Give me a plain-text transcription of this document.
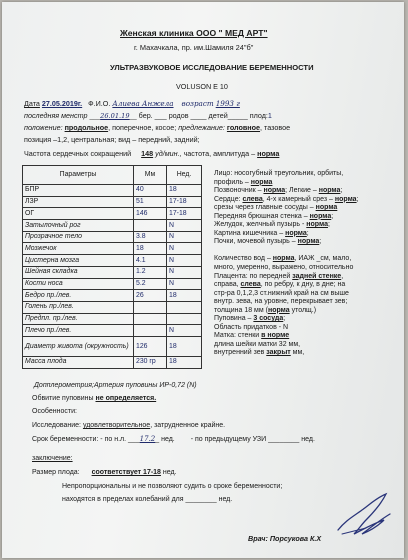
Женская клиника ООО " МЕД АРТ"
г. Махачкала, пр. им.Шамиля 24"б"
УЛЬТРАЗВУКОВОЕ ИССЛЕДОВАНИЕ БЕРЕМЕННОСТИ
VOLUSON E 10
Дата 27.05.2019г. Ф.И.О. Алиева Анжела возраст 1993 г
последняя менстр ___26.01.19__ бер. ___ родов ____ детей_____ плод:1
положение: продольное, поперечное, косое; предлежание: головное, тазовое
позиция –1,2, центральная; вид – передний, задний;
Частота сердечных сокращений 148 уд/мин., частота, амплитуда – норма
Параметры	Мм	Нед.
БПР	40	18
ЛЗР	51	17-18
ОГ	146	17-18
Затылочный рог		N
Прозрачное тело	3.8	N
Мозжечок	18	N
Цистерна мозга	4.1	N
Шейная складка	1.2	N
Кости носа	5.2	N
Бедро пр./лев.	26	18
Голень пр./лев.		
Предпл. пр./лев.		
Плечо пр./лев.		N
Диаметр живота (окружность)	126	18
Масса плода	230 гр	18
Лицо: носогубный треугольник, орбиты,
профиль – норма
Позвоночник – норма; Легкие – норма;
Сердце: слева, 4-х камерный срез – норма;
срезы через главные сосуды – норма
Передняя брюшная стенка – норма;
Желудок, желчный пузырь - норма;
Картина кишечника – норма;
Почки, мочевой пузырь – норма;
Количество вод – норма, ИАЖ _см, мало,
много, умеренно, выражено, относительно
Плацента: по передней задней стенке,
справа, слева, по ребру, к дну, в дне; на
стр-ра 0,1,2,3 ст.нижний край на см выше
внутр. зева, на уровне, перекрывает зев;
толщина 18 мм (норма утолщ.)
Пуповина – 3 сосуда;
Область придатков - N
Матка: стенки в норме
длина шейки матки 32 мм,
внутренний зев закрыт мм,
Допплерометрия;Артерия пуповины ИР-0,72 (N)
Обвитие пуповины не определяется.
Особенности:
Исследование: удовлетворительное, затрудненное крайне.
Срок беременности: - по н.л. ___17.2_ нед. - по предыдущему УЗИ ________ нед.
заключение:
Размер плода: соответствует 17-18 нед.
Непропорциональны и не позволяют судить о сроке беременности;
находятся в пределах колебаний для ________ нед.
Врач: Порсукова К.Х
